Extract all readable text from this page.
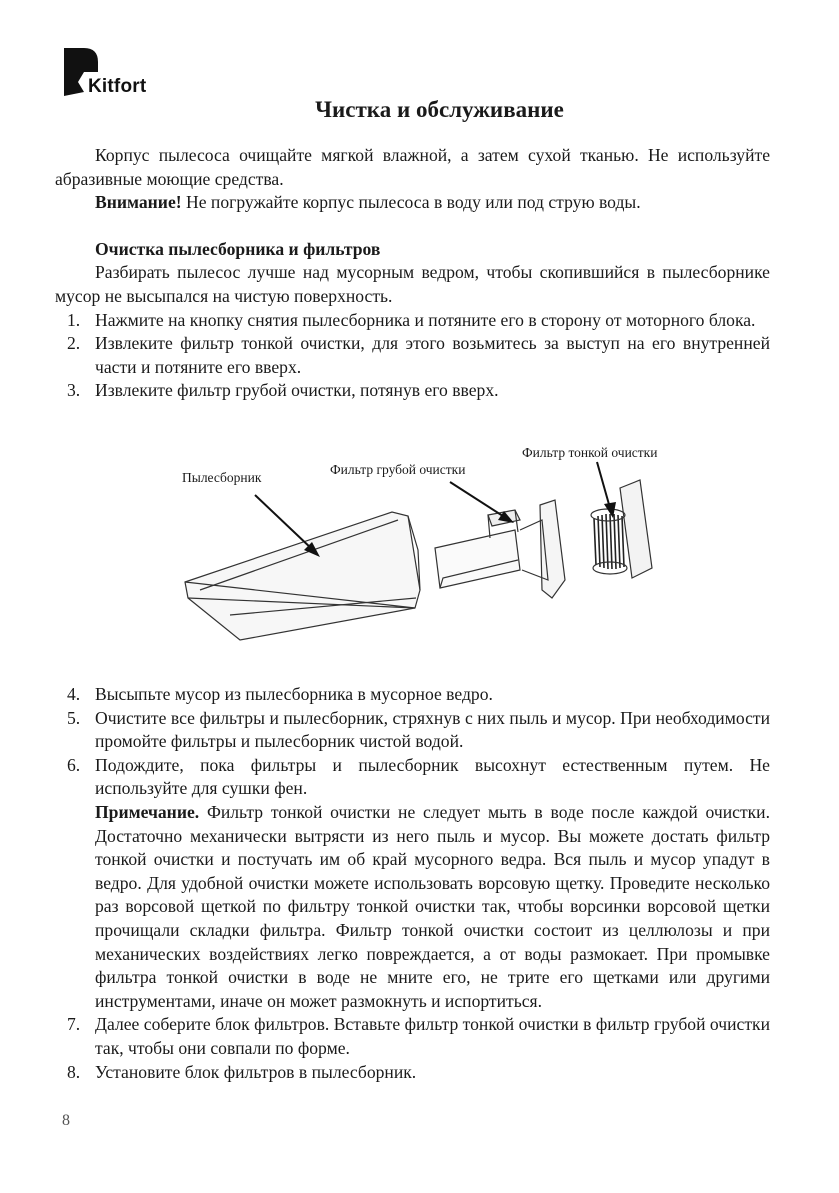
Kitfort
Чистка и обслуживание

Корпус пылесоса очищайте мягкой влажной, а затем сухой тканью. Не используйте абразивные моющие средства.

Внимание! Не погружайте корпус пылесоса в воду или под струю воды.

Очистка пылесборника и фильтров

Разбирать пылесос лучше над мусорным ведром, чтобы скопившийся в пылесборнике мусор не высыпался на чистую поверхность.

1. Нажмите на кнопку снятия пылесборника и потяните его в сторону от моторного блока.
2. Извлеките фильтр тонкой очистки, для этого возьмитесь за выступ на его внутренней части и потяните его вверх.
3. Извлеките фильтр грубой очистки, потянув его вверх.
Пылесборник
Фильтр грубой очистки
Фильтр тонкой очистки
4. Высыпьте мусор из пылесборника в мусорное ведро.
5. Очистите все фильтры и пылесборник, стряхнув с них пыль и мусор. При необходимости промойте фильтры и пылесборник чистой водой.
6. Подождите, пока фильтры и пылесборник высохнут естественным путем. Не используйте для сушки фен.

Примечание. Фильтр тонкой очистки не следует мыть в воде после каждой очистки. Достаточно механически вытрясти из него пыль и мусор. Вы можете достать фильтр тонкой очистки и постучать им об край мусорного ведра. Вся пыль и мусор упадут в ведро. Для удобной очистки можете использовать ворсовую щетку. Проведите несколько раз ворсовой щеткой по фильтру тонкой очистки так, чтобы ворсинки ворсовой щетки прочищали складки фильтра. Фильтр тонкой очистки состоит из целлюлозы и при механических воздействиях легко повреждается, а от воды размокает. При промывке фильтра тонкой очистки в воде не мните его, не трите его щетками или другими инструментами, иначе он может размокнуть и испортиться.

7. Далее соберите блок фильтров. Вставьте фильтр тонкой очистки в фильтр грубой очистки так, чтобы они совпали по форме.
8. Установите блок фильтров в пылесборник.
8
